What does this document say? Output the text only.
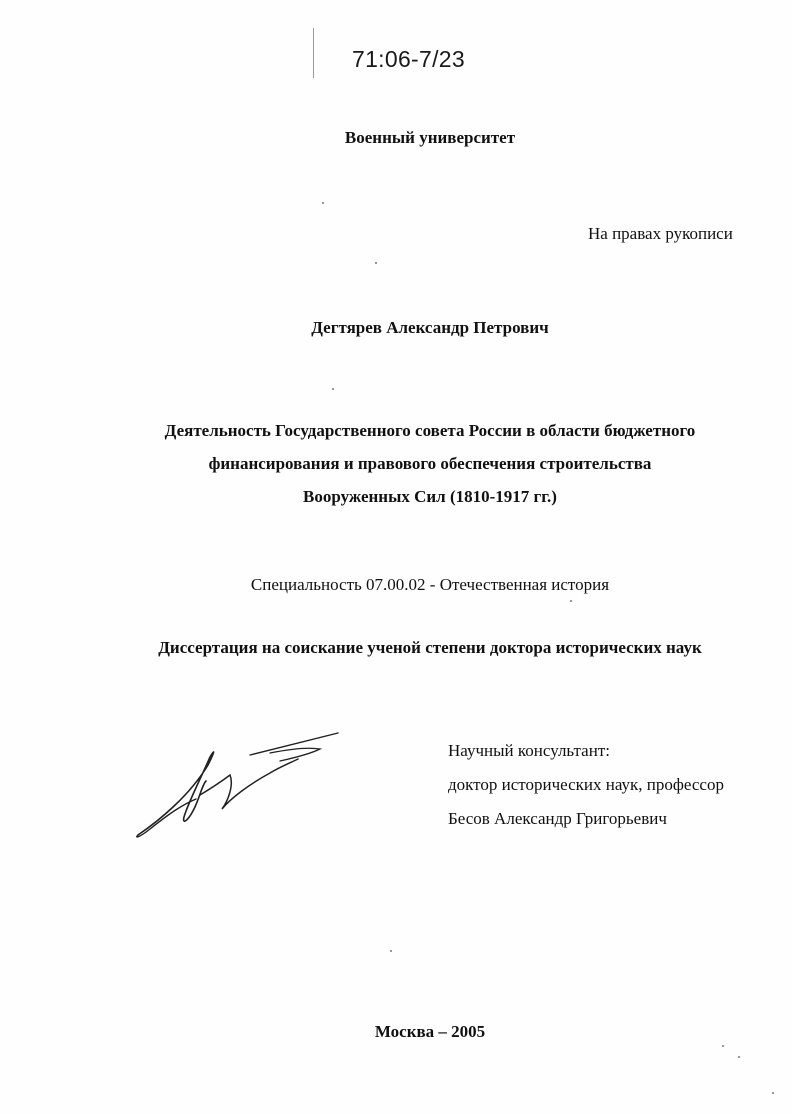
71:06-7/23
Военный университет
На правах рукописи
Дегтярев Александр Петрович
Деятельность Государственного совета России в области бюджетного
финансирования и правового обеспечения строительства
Вооруженных Сил (1810-1917 гг.)
Специальность 07.00.02 - Отечественная история
Диссертация на соискание ученой степени доктора исторических наук
Научный консультант:
доктор исторических наук, профессор
Бесов Александр Григорьевич
Москва – 2005
